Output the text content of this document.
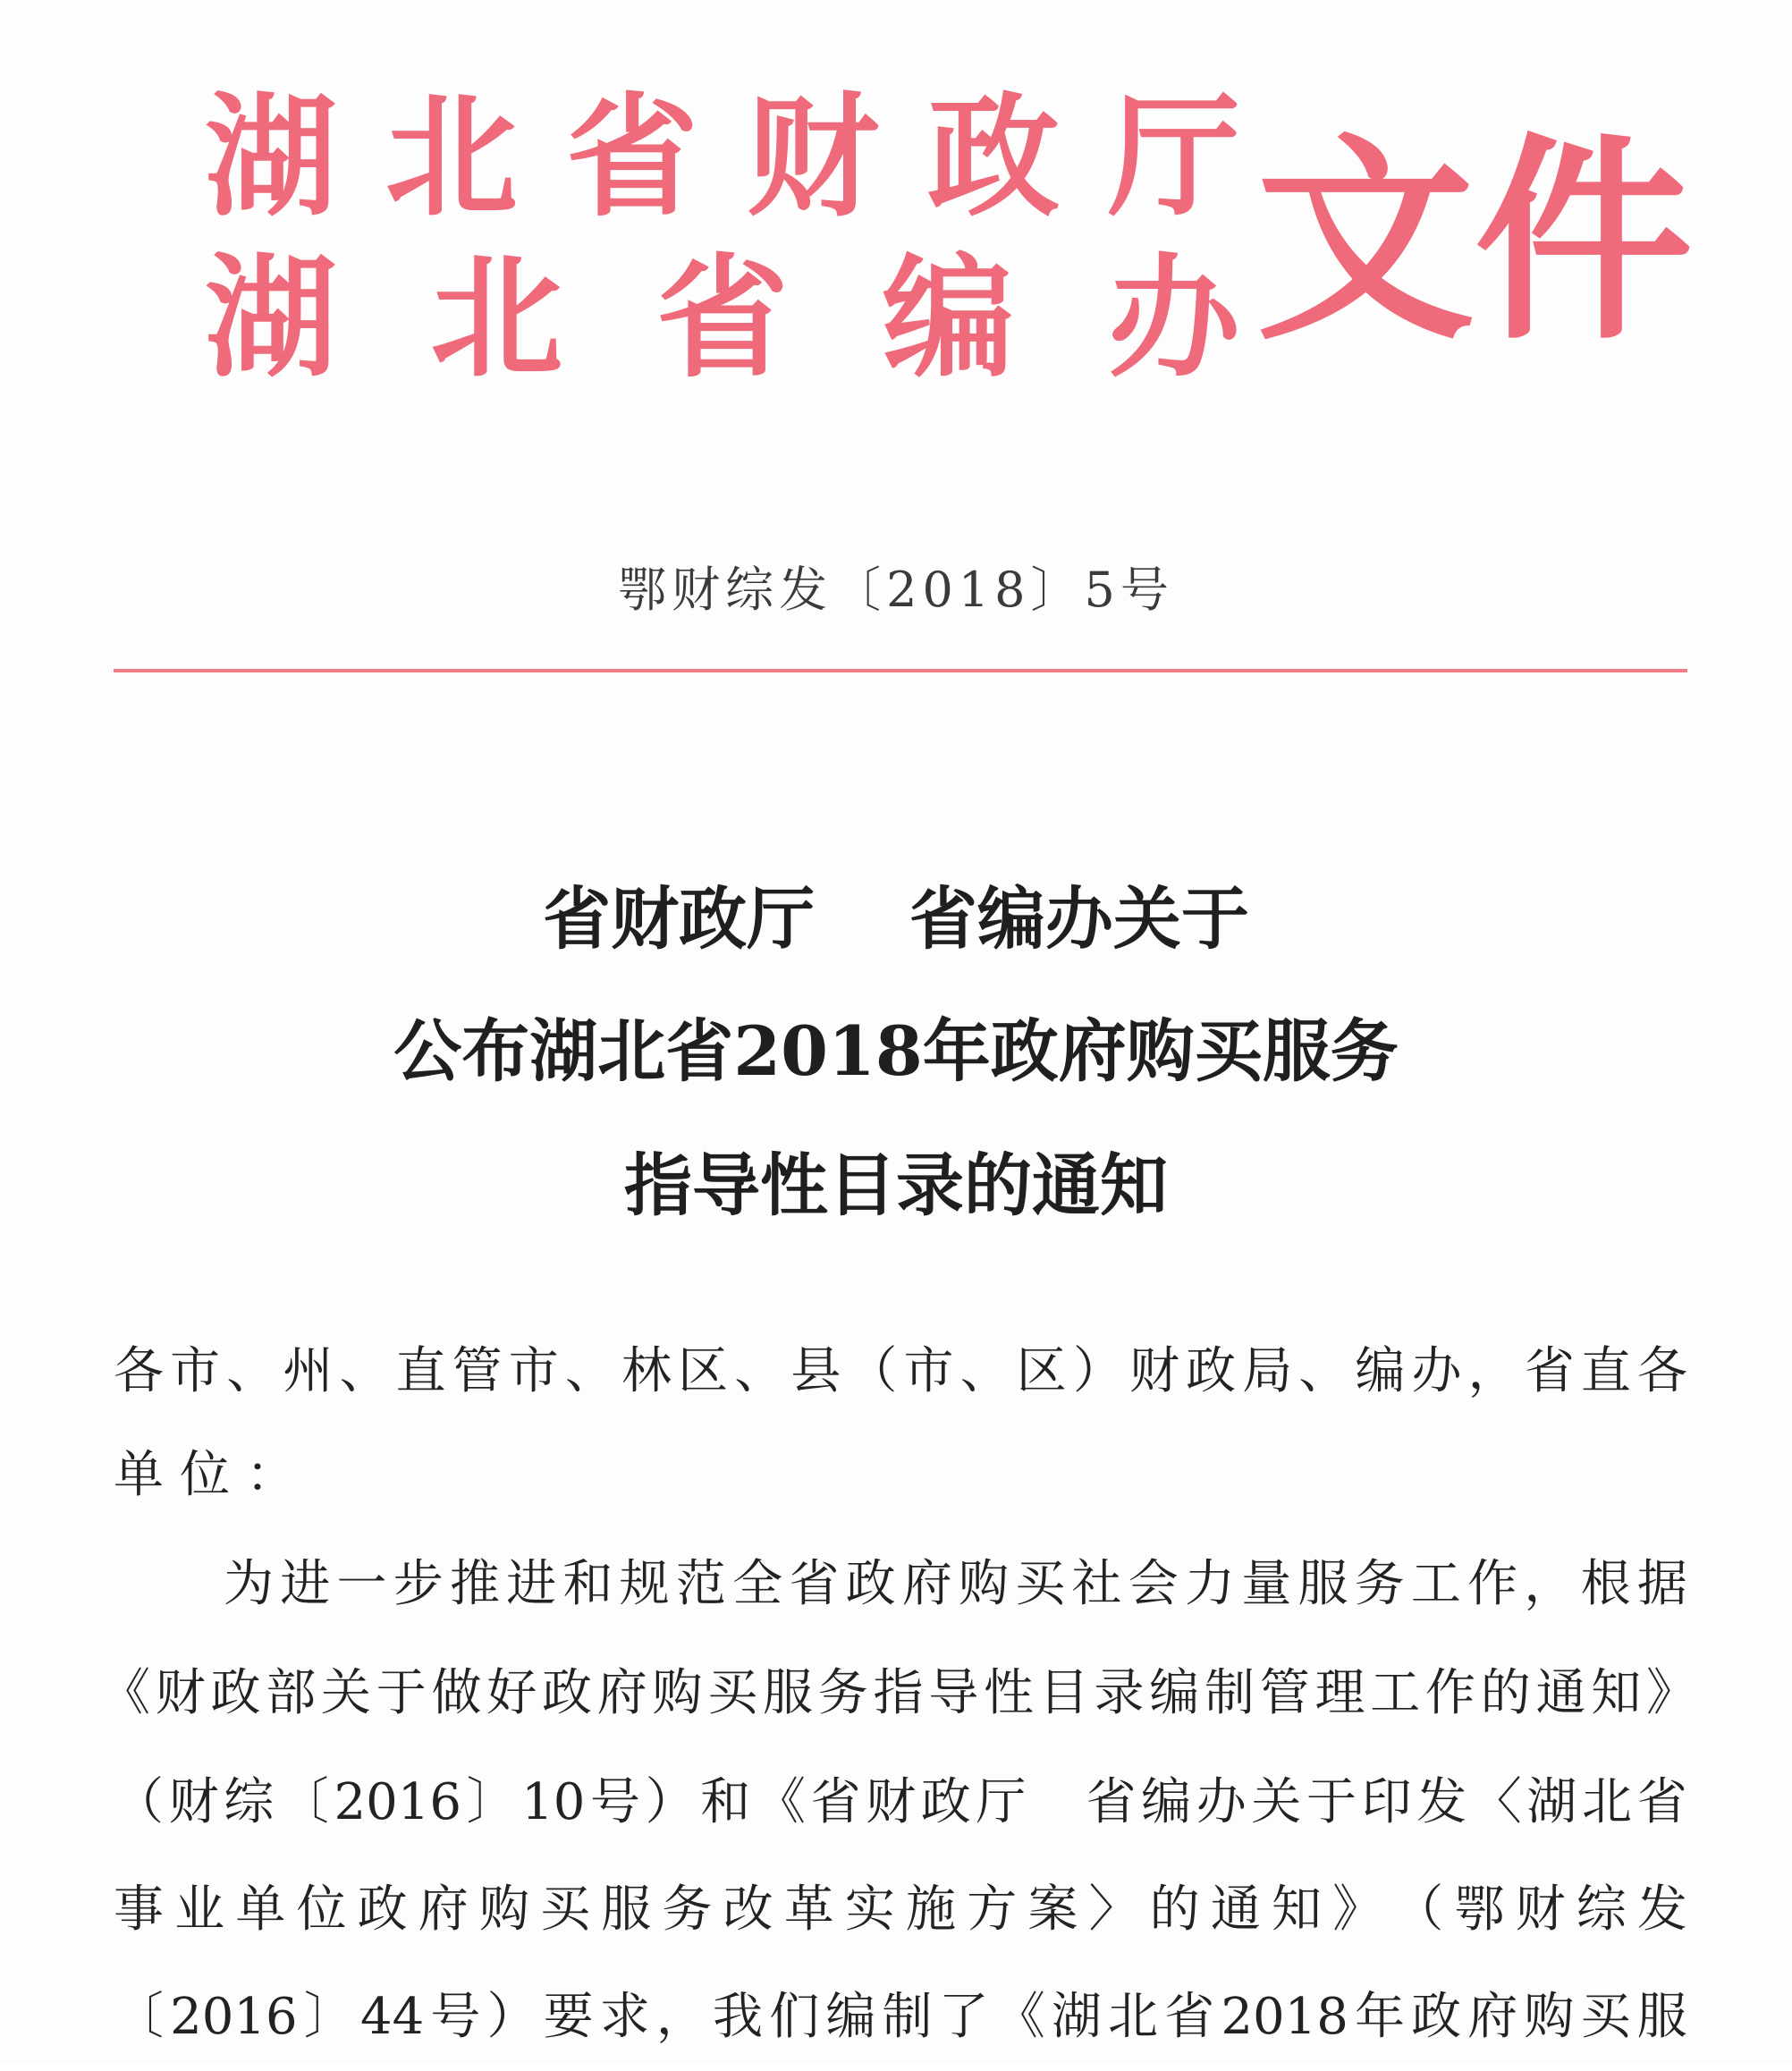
湖 北 省 财 政 厅
湖 北 省 编 办 文件
鄂财综发〔2018〕5号
省财政厅    省编办关于
公布湖北省2018年政府购买服务
指导性目录的通知
各 市 、 州 、 直 管 市 、 林 区 、 县 （ 市 、 区 ） 财 政 局 、 编 办 ， 省 直 各
单位：
为 进 一 步 推 进 和 规 范 全 省 政 府 购 买 社 会 力 量 服 务 工 作 ， 根 据
《 财 政 部 关 于 做 好 政 府 购 买 服 务 指 导 性 目 录 编 制 管 理 工 作 的 通 知 》
（ 财 综 〔 2016 〕 10 号 ） 和 《 省 财 政 厅 省 编 办 关 于 印 发 〈 湖 北 省
事 业 单 位 政 府 购 买 服 务 改 革 实 施 方 案 〉 的 通 知 》 （ 鄂 财 综 发
〔 2016 〕 44 号 ） 要 求 ， 我 们 编 制 了 《 湖 北 省 2018 年 政 府 购 买 服
